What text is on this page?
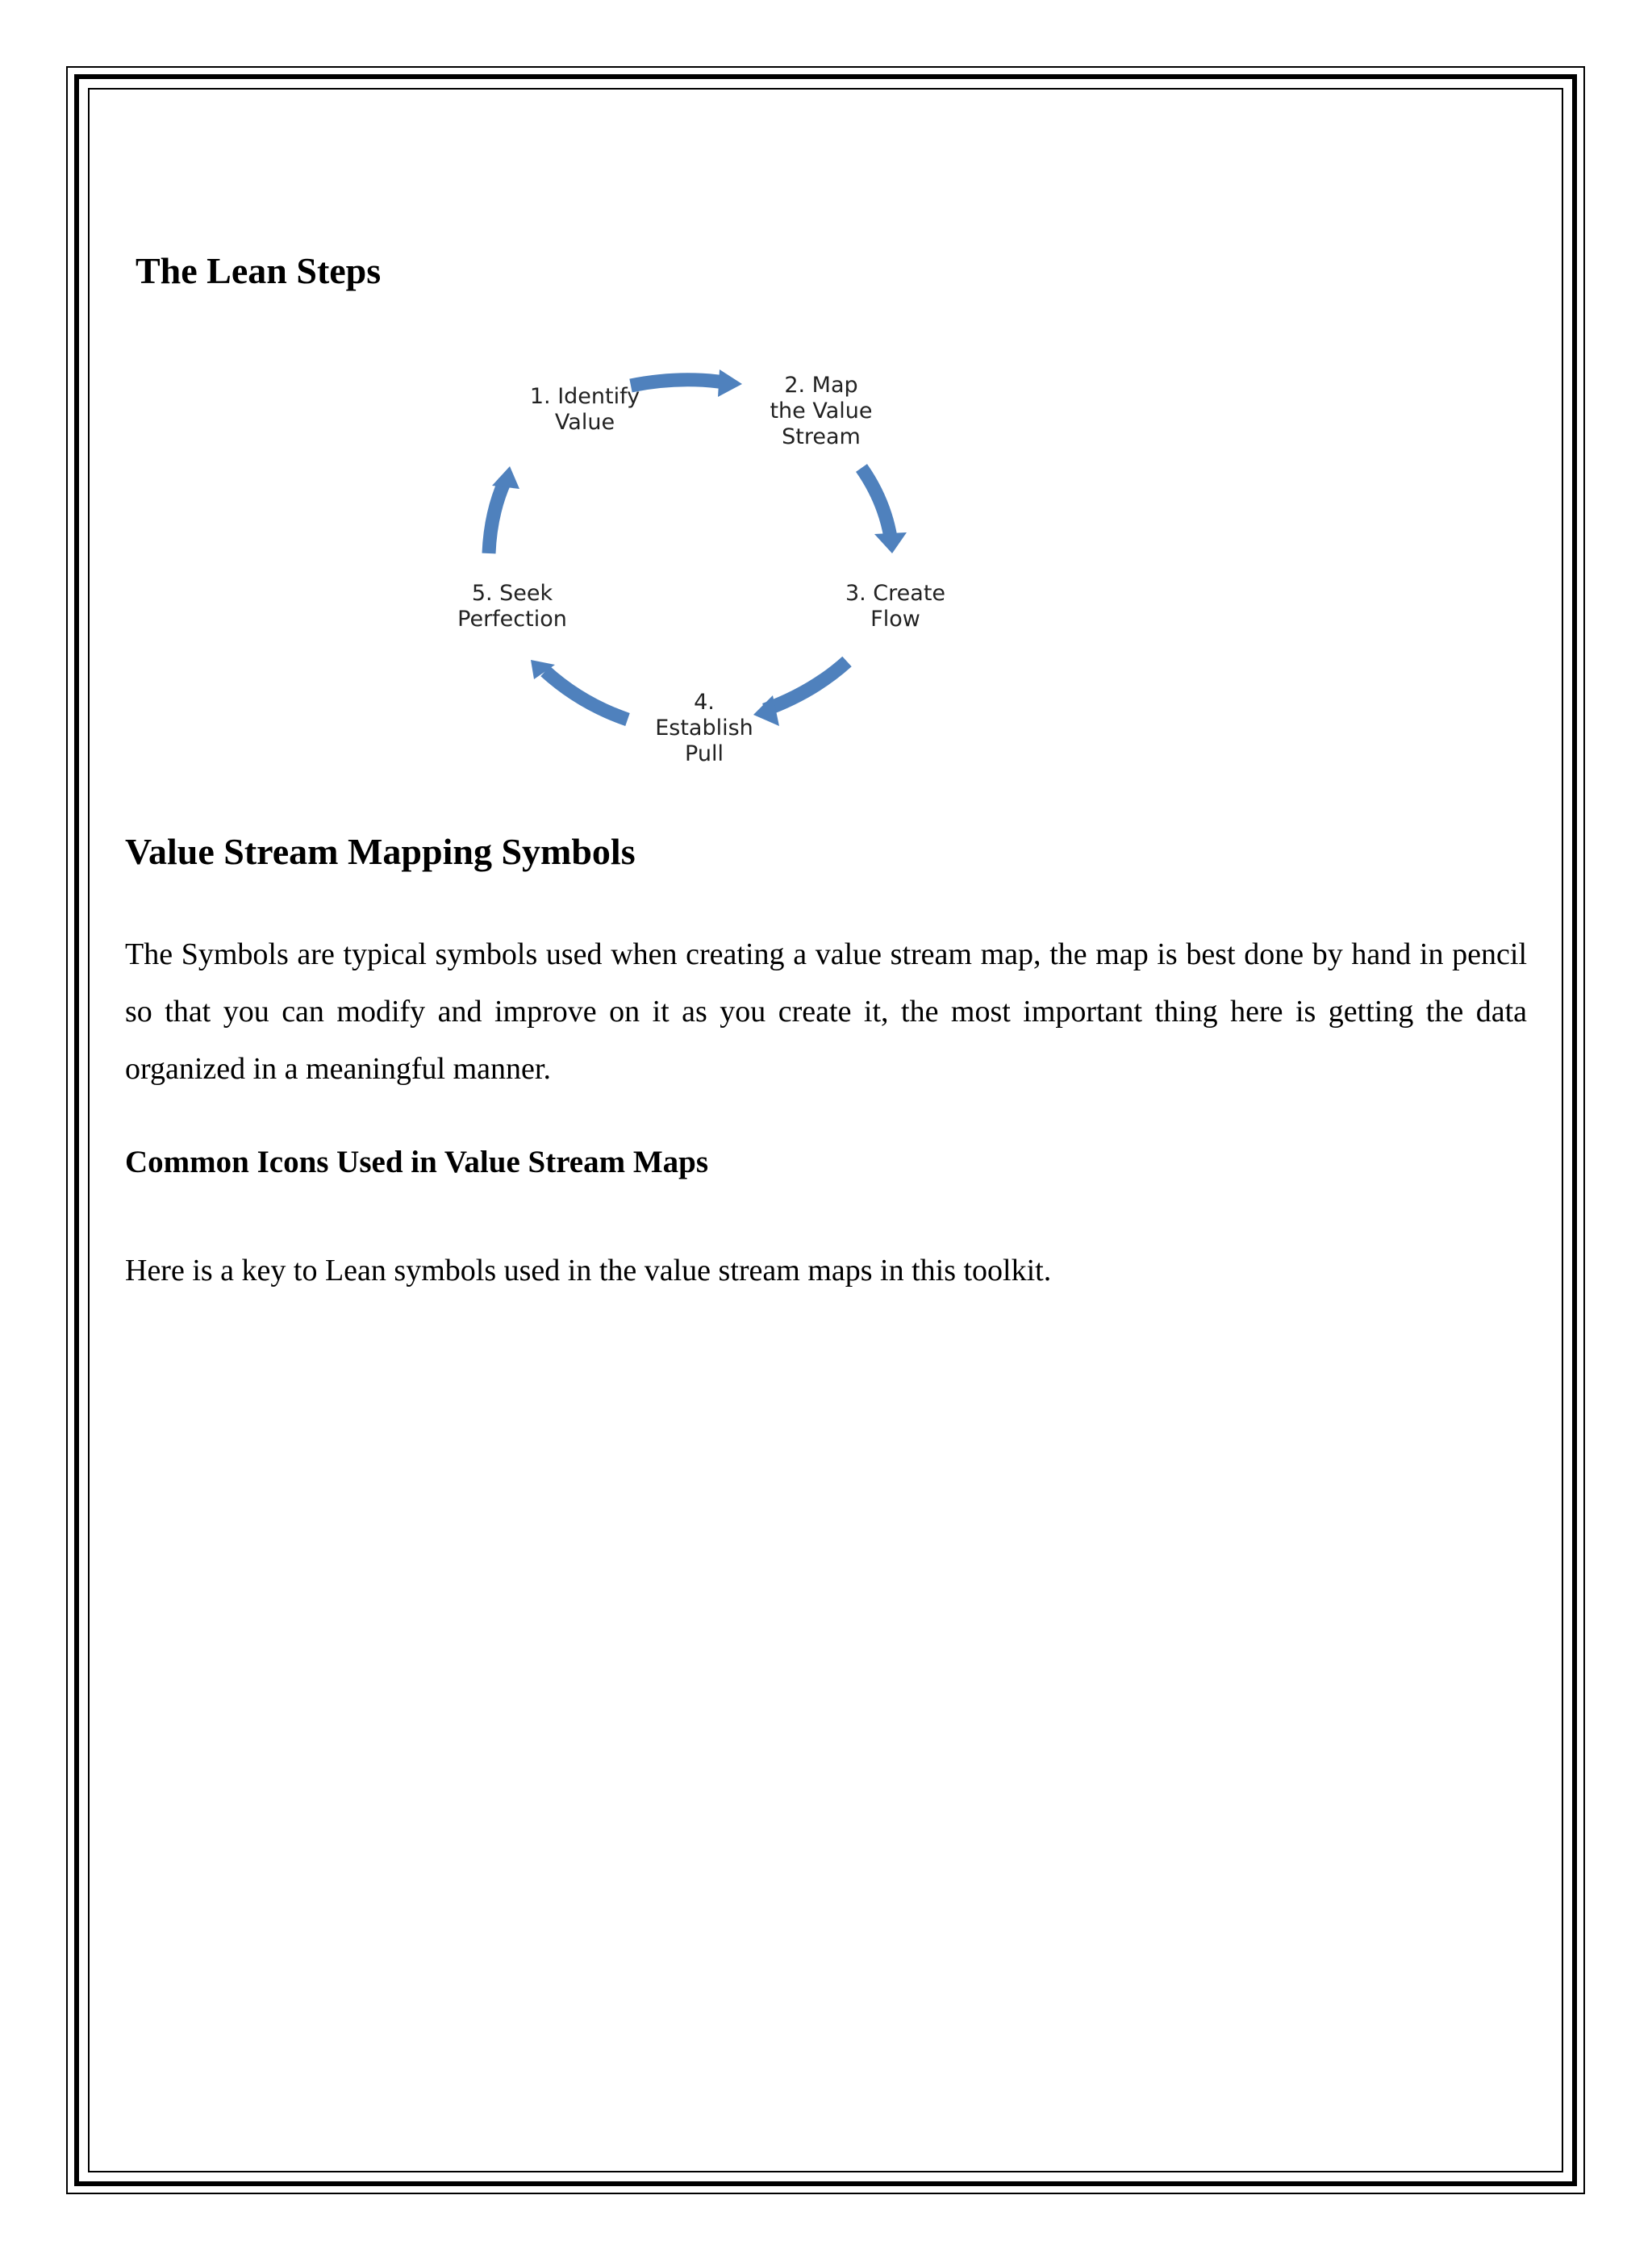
The Lean Steps
1. Identify
Value
2. Map
the Value
Stream
3. Create
Flow
4.
Establish
Pull
5. Seek
Perfection
Value Stream Mapping Symbols

The Symbols are typical symbols used when creating a value stream map, the map is best done by hand in pencil so that you can modify and improve on it as you create it, the most important thing here is getting the data organized in a meaningful manner.

Common Icons Used in Value Stream Maps

Here is a key to Lean symbols used in the value stream maps in this toolkit.
